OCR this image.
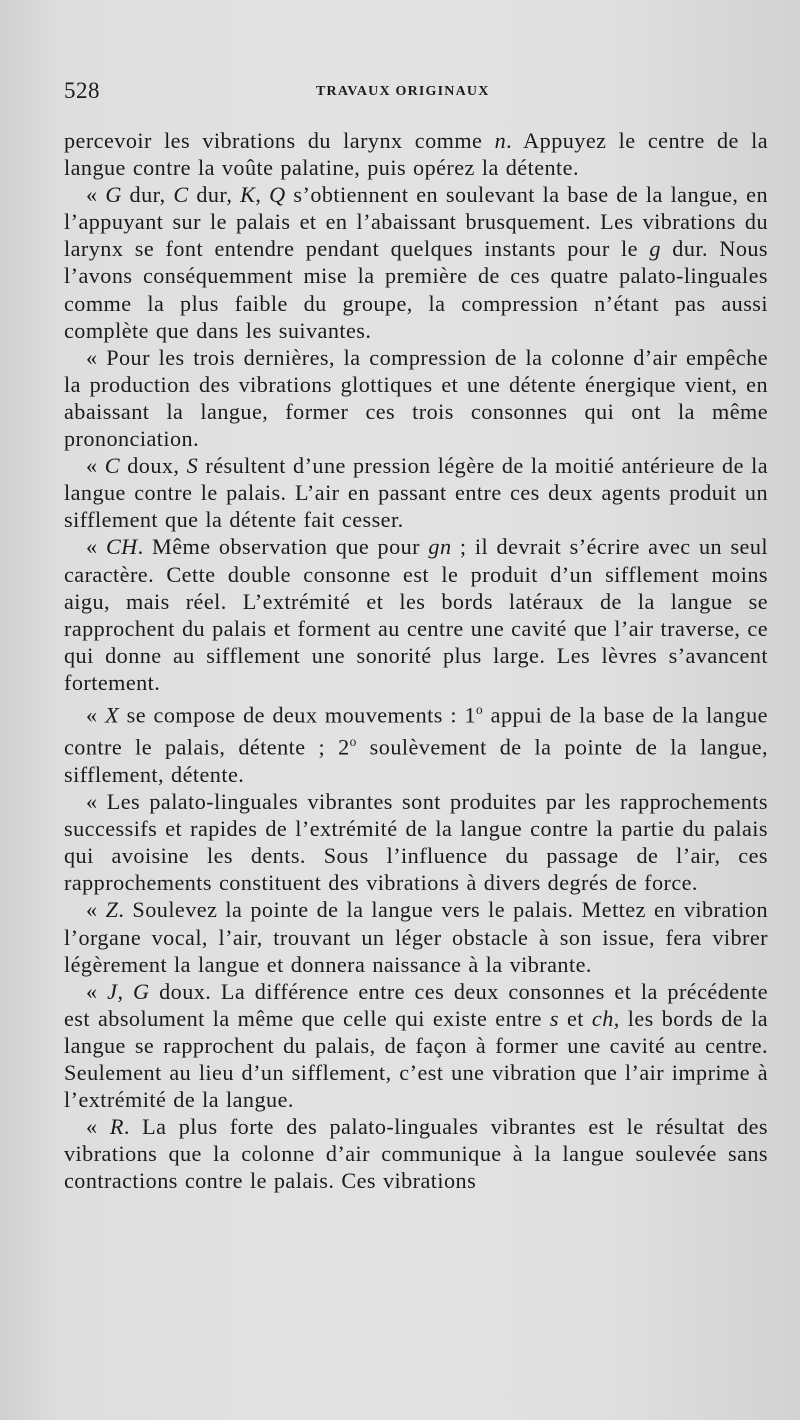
528	TRAVAUX ORIGINAUX

percevoir les vibrations du larynx comme n. Appuyez le centre de la langue contre la voûte palatine, puis opérez la détente.

« G dur, C dur, K, Q s’obtiennent en soulevant la base de la langue, en l’appuyant sur le palais et en l’abaissant brusquement. Les vibrations du larynx se font entendre pendant quelques instants pour le g dur. Nous l’avons conséquemment mise la première de ces quatre palato-linguales comme la plus faible du groupe, la compression n’étant pas aussi complète que dans les suivantes.

« Pour les trois dernières, la compression de la colonne d’air empêche la production des vibrations glottiques et une détente énergique vient, en abaissant la langue, former ces trois consonnes qui ont la même prononciation.

« C doux, S résultent d’une pression légère de la moitié antérieure de la langue contre le palais. L’air en passant entre ces deux agents produit un sifflement que la détente fait cesser.

« CH. Même observation que pour gn ; il devrait s’écrire avec un seul caractère. Cette double consonne est le produit d’un sifflement moins aigu, mais réel. L’extrémité et les bords latéraux de la langue se rapprochent du palais et forment au centre une cavité que l’air traverse, ce qui donne au sifflement une sonorité plus large. Les lèvres s’avancent fortement.

« X se compose de deux mouvements : 1$^o$ appui de la base de la langue contre le palais, détente ; 2$^o$ soulèvement de la pointe de la langue, sifflement, détente.

« Les palato-linguales vibrantes sont produites par les rapprochements successifs et rapides de l’extrémité de la langue contre la partie du palais qui avoisine les dents. Sous l’influence du passage de l’air, ces rapprochements constituent des vibrations à divers degrés de force.

« Z. Soulevez la pointe de la langue vers le palais. Mettez en vibration l’organe vocal, l’air, trouvant un léger obstacle à son issue, fera vibrer légèrement la langue et donnera naissance à la vibrante.

« J, G doux. La différence entre ces deux consonnes et la précédente est absolument la même que celle qui existe entre s et ch, les bords de la langue se rapprochent du palais, de façon à former une cavité au centre. Seulement au lieu d’un sifflement, c’est une vibration que l’air imprime à l’extrémité de la langue.

« R. La plus forte des palato-linguales vibrantes est le résultat des vibrations que la colonne d’air communique à la langue soulevée sans contractions contre le palais. Ces vibrations
